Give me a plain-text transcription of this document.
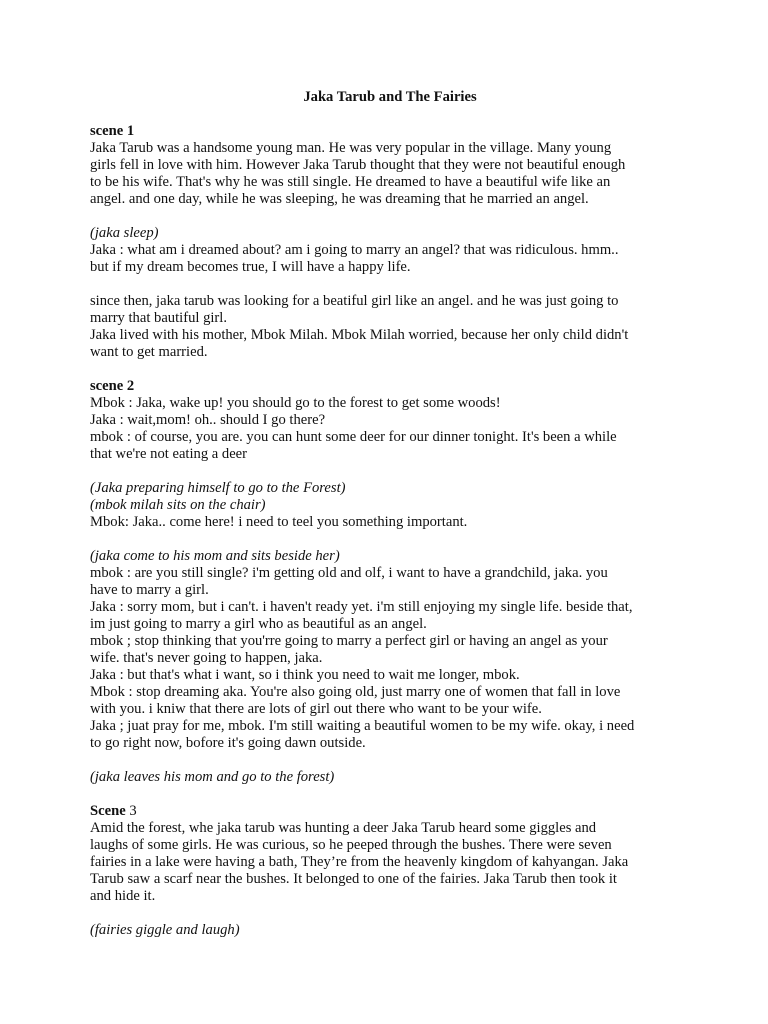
Jaka Tarub and The Fairies
scene 1
Jaka Tarub was a handsome young man. He was very popular in the village. Many young
girls fell in love with him. However Jaka Tarub thought that they were not beautiful enough
to be his wife. That's why he was still single. He dreamed to have a beautiful wife like an
angel. and one day, while he was sleeping, he was dreaming that he married an angel.
(jaka sleep)
Jaka : what am i dreamed about? am i going to marry an angel? that was ridiculous. hmm..
but if my dream becomes true, I will have a happy life.
since then, jaka tarub was looking for a beatiful girl like an angel. and he was just going to
marry that bautiful girl.
Jaka lived with his mother, Mbok Milah. Mbok Milah worried, because her only child didn't
want to get married.
scene 2
Mbok : Jaka, wake up! you should go to the forest to get some woods!
Jaka : wait,mom! oh.. should I go there?
mbok : of course, you are. you can hunt some deer for our dinner tonight. It's been a while
that we're not eating a deer
(Jaka preparing himself to go to the Forest)
(mbok milah sits on the chair)
Mbok: Jaka.. come here! i need to teel you something important.
(jaka come to his mom and sits beside her)
mbok : are you still single? i'm getting old and olf, i want to have a grandchild, jaka. you
have to marry a girl.
Jaka : sorry mom, but i can't. i haven't ready yet. i'm still enjoying my single life. beside that,
im just going to marry a girl who as beautiful as an angel.
mbok ; stop thinking that you'rre going to marry a perfect girl or having an angel as your
wife. that's never going to happen, jaka.
Jaka : but that's what i want, so i think you need to wait me longer, mbok.
Mbok : stop dreaming aka. You're also going old, just marry one of women that fall in love
with you. i kniw that there are lots of girl out there who want to be your wife.
Jaka ; juat pray for me, mbok. I'm still waiting a beautiful women to be my wife. okay, i need
to go right now, bofore it's going dawn outside.
(jaka leaves his mom and go to the forest)
Scene 3
Amid the forest, whe jaka tarub was hunting a deer Jaka Tarub heard some giggles and
laughs of some girls. He was curious, so he peeped through the bushes. There were seven
fairies in a lake were having a bath, They’re from the heavenly kingdom of kahyangan. Jaka
Tarub saw a scarf near the bushes. It belonged to one of the fairies. Jaka Tarub then took it
and hide it.
(fairies giggle and laugh)
